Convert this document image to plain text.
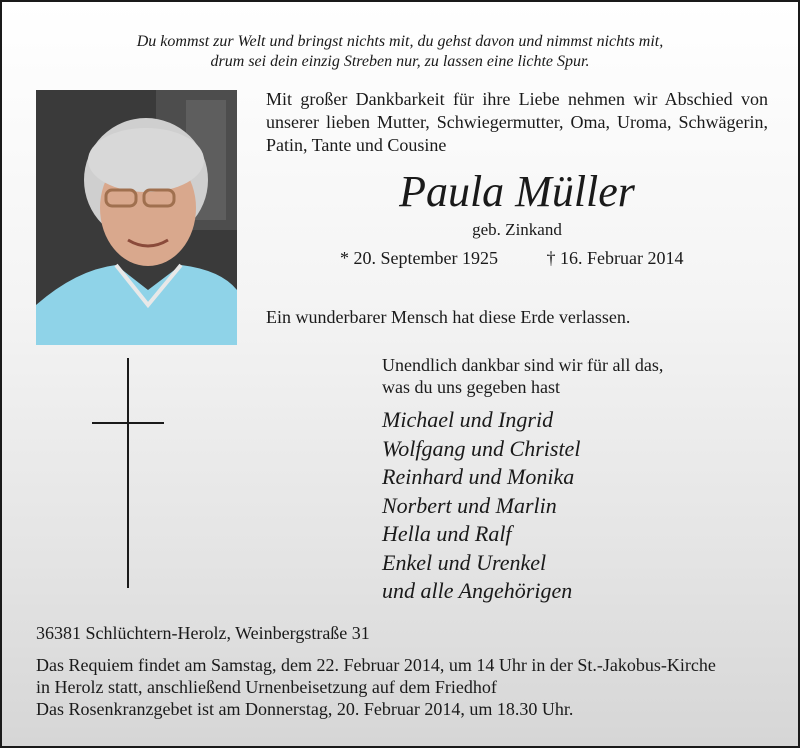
Du kommst zur Welt und bringst nichts mit, du gehst davon und nimmst nichts mit,
drum sei dein einzig Streben nur, zu lassen eine lichte Spur.
Mit großer Dankbarkeit für ihre Liebe nehmen wir Abschied von unserer lieben Mutter, Schwiegermutter, Oma, Uroma, Schwägerin, Patin, Tante und Cousine
Paula Müller
geb. Zinkand
* 20. September 1925	† 16. Februar 2014
Ein wunderbarer Mensch hat diese Erde verlassen.
Unendlich dankbar sind wir für all das,
was du uns gegeben hast
Michael und Ingrid
Wolfgang und Christel
Reinhard und Monika
Norbert und Marlin
Hella und Ralf
Enkel und Urenkel
und alle Angehörigen
36381 Schlüchtern-Herolz, Weinbergstraße 31
Das Requiem findet am Samstag, dem 22. Februar 2014, um 14 Uhr in der St.-Jakobus-Kirche
in Herolz statt, anschließend Urnenbeisetzung auf dem Friedhof
Das Rosenkranzgebet ist am Donnerstag, 20. Februar 2014, um 18.30 Uhr.
